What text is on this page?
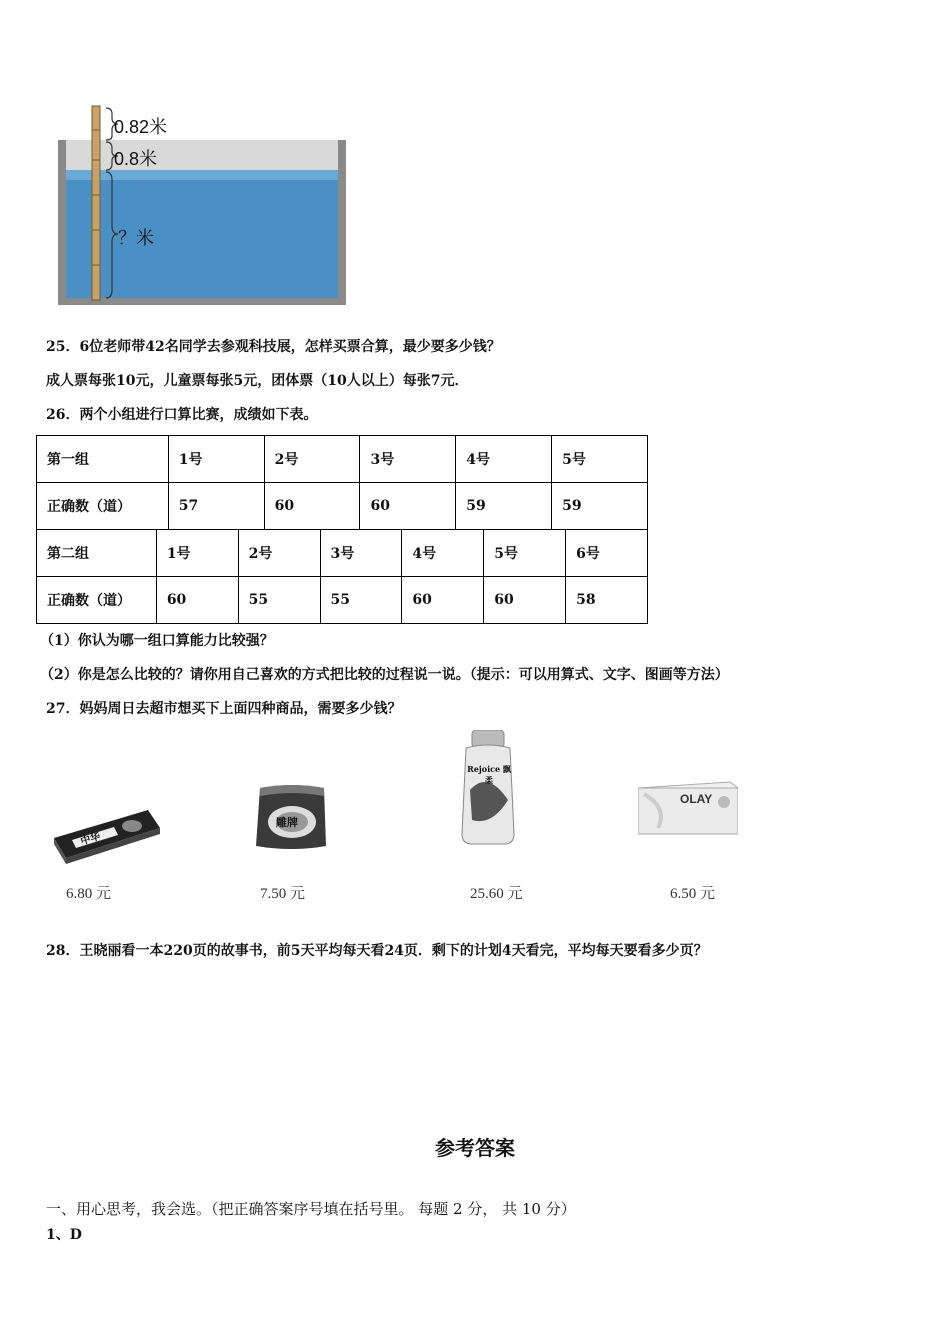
0.82米
0.8米
？米
25．6位老师带42名同学去参观科技展，怎样买票合算，最少要多少钱？
成人票每张10元，儿童票每张5元，团体票（10人以上）每张7元．
26．两个小组进行口算比赛，成绩如下表。
第一组	1号	2号	3号	4号	5号
正确数（道）	57	60	60	59	59
第二组	1号	2号	3号	4号	5号	6号
正确数（道）	60	55	55	60	60	58
（1）你认为哪一组口算能力比较强？
（2）你是怎么比较的？请你用自己喜欢的方式把比较的过程说一说。（提示：可以用算式、文字、图画等方法）
27．妈妈周日去超市想买下上面四种商品，需要多少钱？
中华
6.80 元
雕牌
7.50 元
Rejoice 飘柔
25.60 元
OLAY
6.50 元
28．王晓丽看一本220页的故事书，前5天平均每天看24页．剩下的计划4天看完，平均每天要看多少页？
参考答案
一、用心思考，我会选。（把正确答案序号填在括号里。 每题 2 分， 共 10 分）
1、D
